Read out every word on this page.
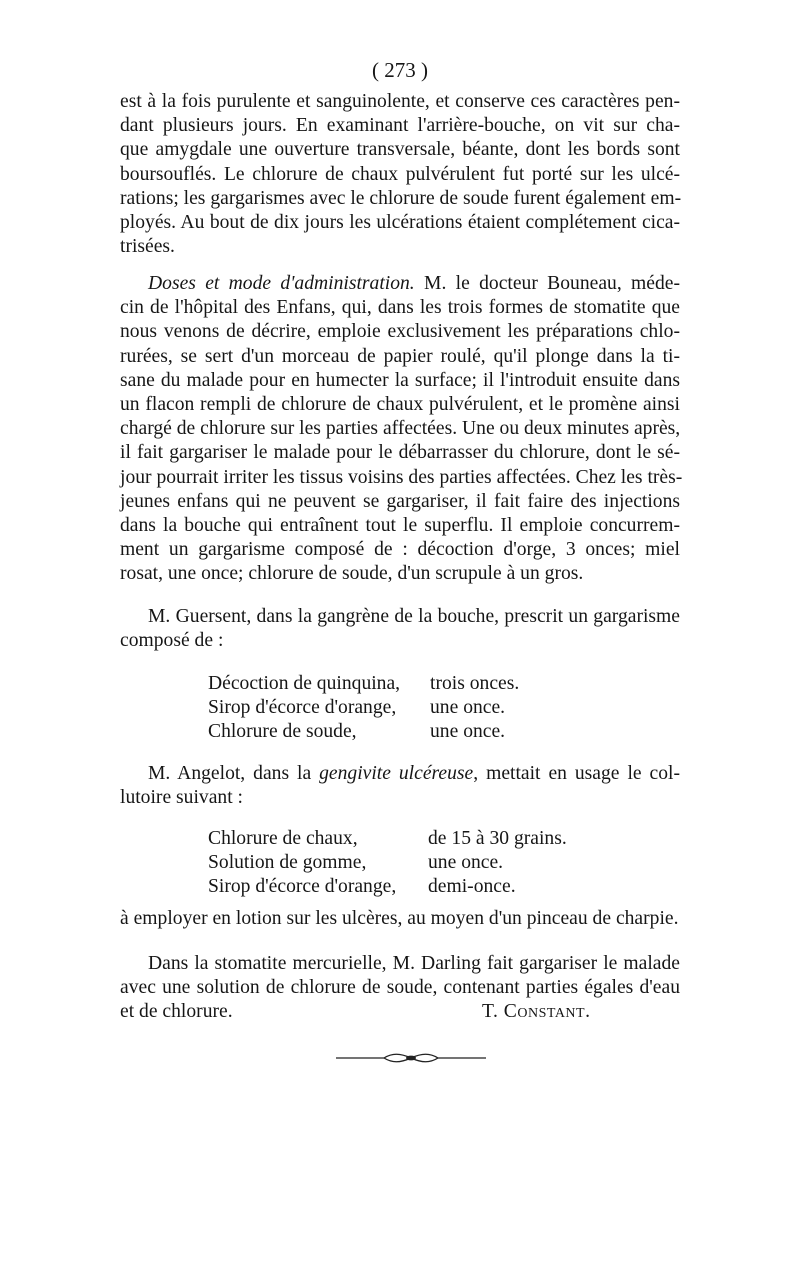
( 273 )
est à la fois purulente et sanguinolente, et conserve ces caractères pen-
dant plusieurs jours. En examinant l'arrière-bouche, on vit sur cha-
que amygdale une ouverture transversale, béante, dont les bords sont
boursouflés. Le chlorure de chaux pulvérulent fut porté sur les ulcé-
rations; les gargarismes avec le chlorure de soude furent également em-
ployés. Au bout de dix jours les ulcérations étaient complétement cica-
trisées.
Doses et mode d'administration. M. le docteur Bouneau, méde-
cin de l'hôpital des Enfans, qui, dans les trois formes de stomatite que
nous venons de décrire, emploie exclusivement les préparations chlo-
rurées, se sert d'un morceau de papier roulé, qu'il plonge dans la ti-
sane du malade pour en humecter la surface; il l'introduit ensuite dans
un flacon rempli de chlorure de chaux pulvérulent, et le promène ainsi
chargé de chlorure sur les parties affectées. Une ou deux minutes après,
il fait gargariser le malade pour le débarrasser du chlorure, dont le sé-
jour pourrait irriter les tissus voisins des parties affectées. Chez les très-
jeunes enfans qui ne peuvent se gargariser, il fait faire des injections
dans la bouche qui entraînent tout le superflu. Il emploie concurrem-
ment un gargarisme composé de : décoction d'orge, 3 onces; miel
rosat, une once; chlorure de soude, d'un scrupule à un gros.
M. Guersent, dans la gangrène de la bouche, prescrit un gargarisme
composé de :
Décoction de quinquina, trois onces.
Sirop d'écorce d'orange, une once.
Chlorure de soude,	une once.
M. Angelot, dans la gengivite ulcéreuse, mettait en usage le col-
lutoire suivant :
Chlorure de chaux,	de 15 à 30 grains.
Solution de gomme,	une once.
Sirop d'écorce d'orange, demi-once.
à employer en lotion sur les ulcères, au moyen d'un pinceau de charpie.
Dans la stomatite mercurielle, M. Darling fait gargariser le malade
avec une solution de chlorure de soude, contenant parties égales d'eau
et de chlorure.	T. Constant.
